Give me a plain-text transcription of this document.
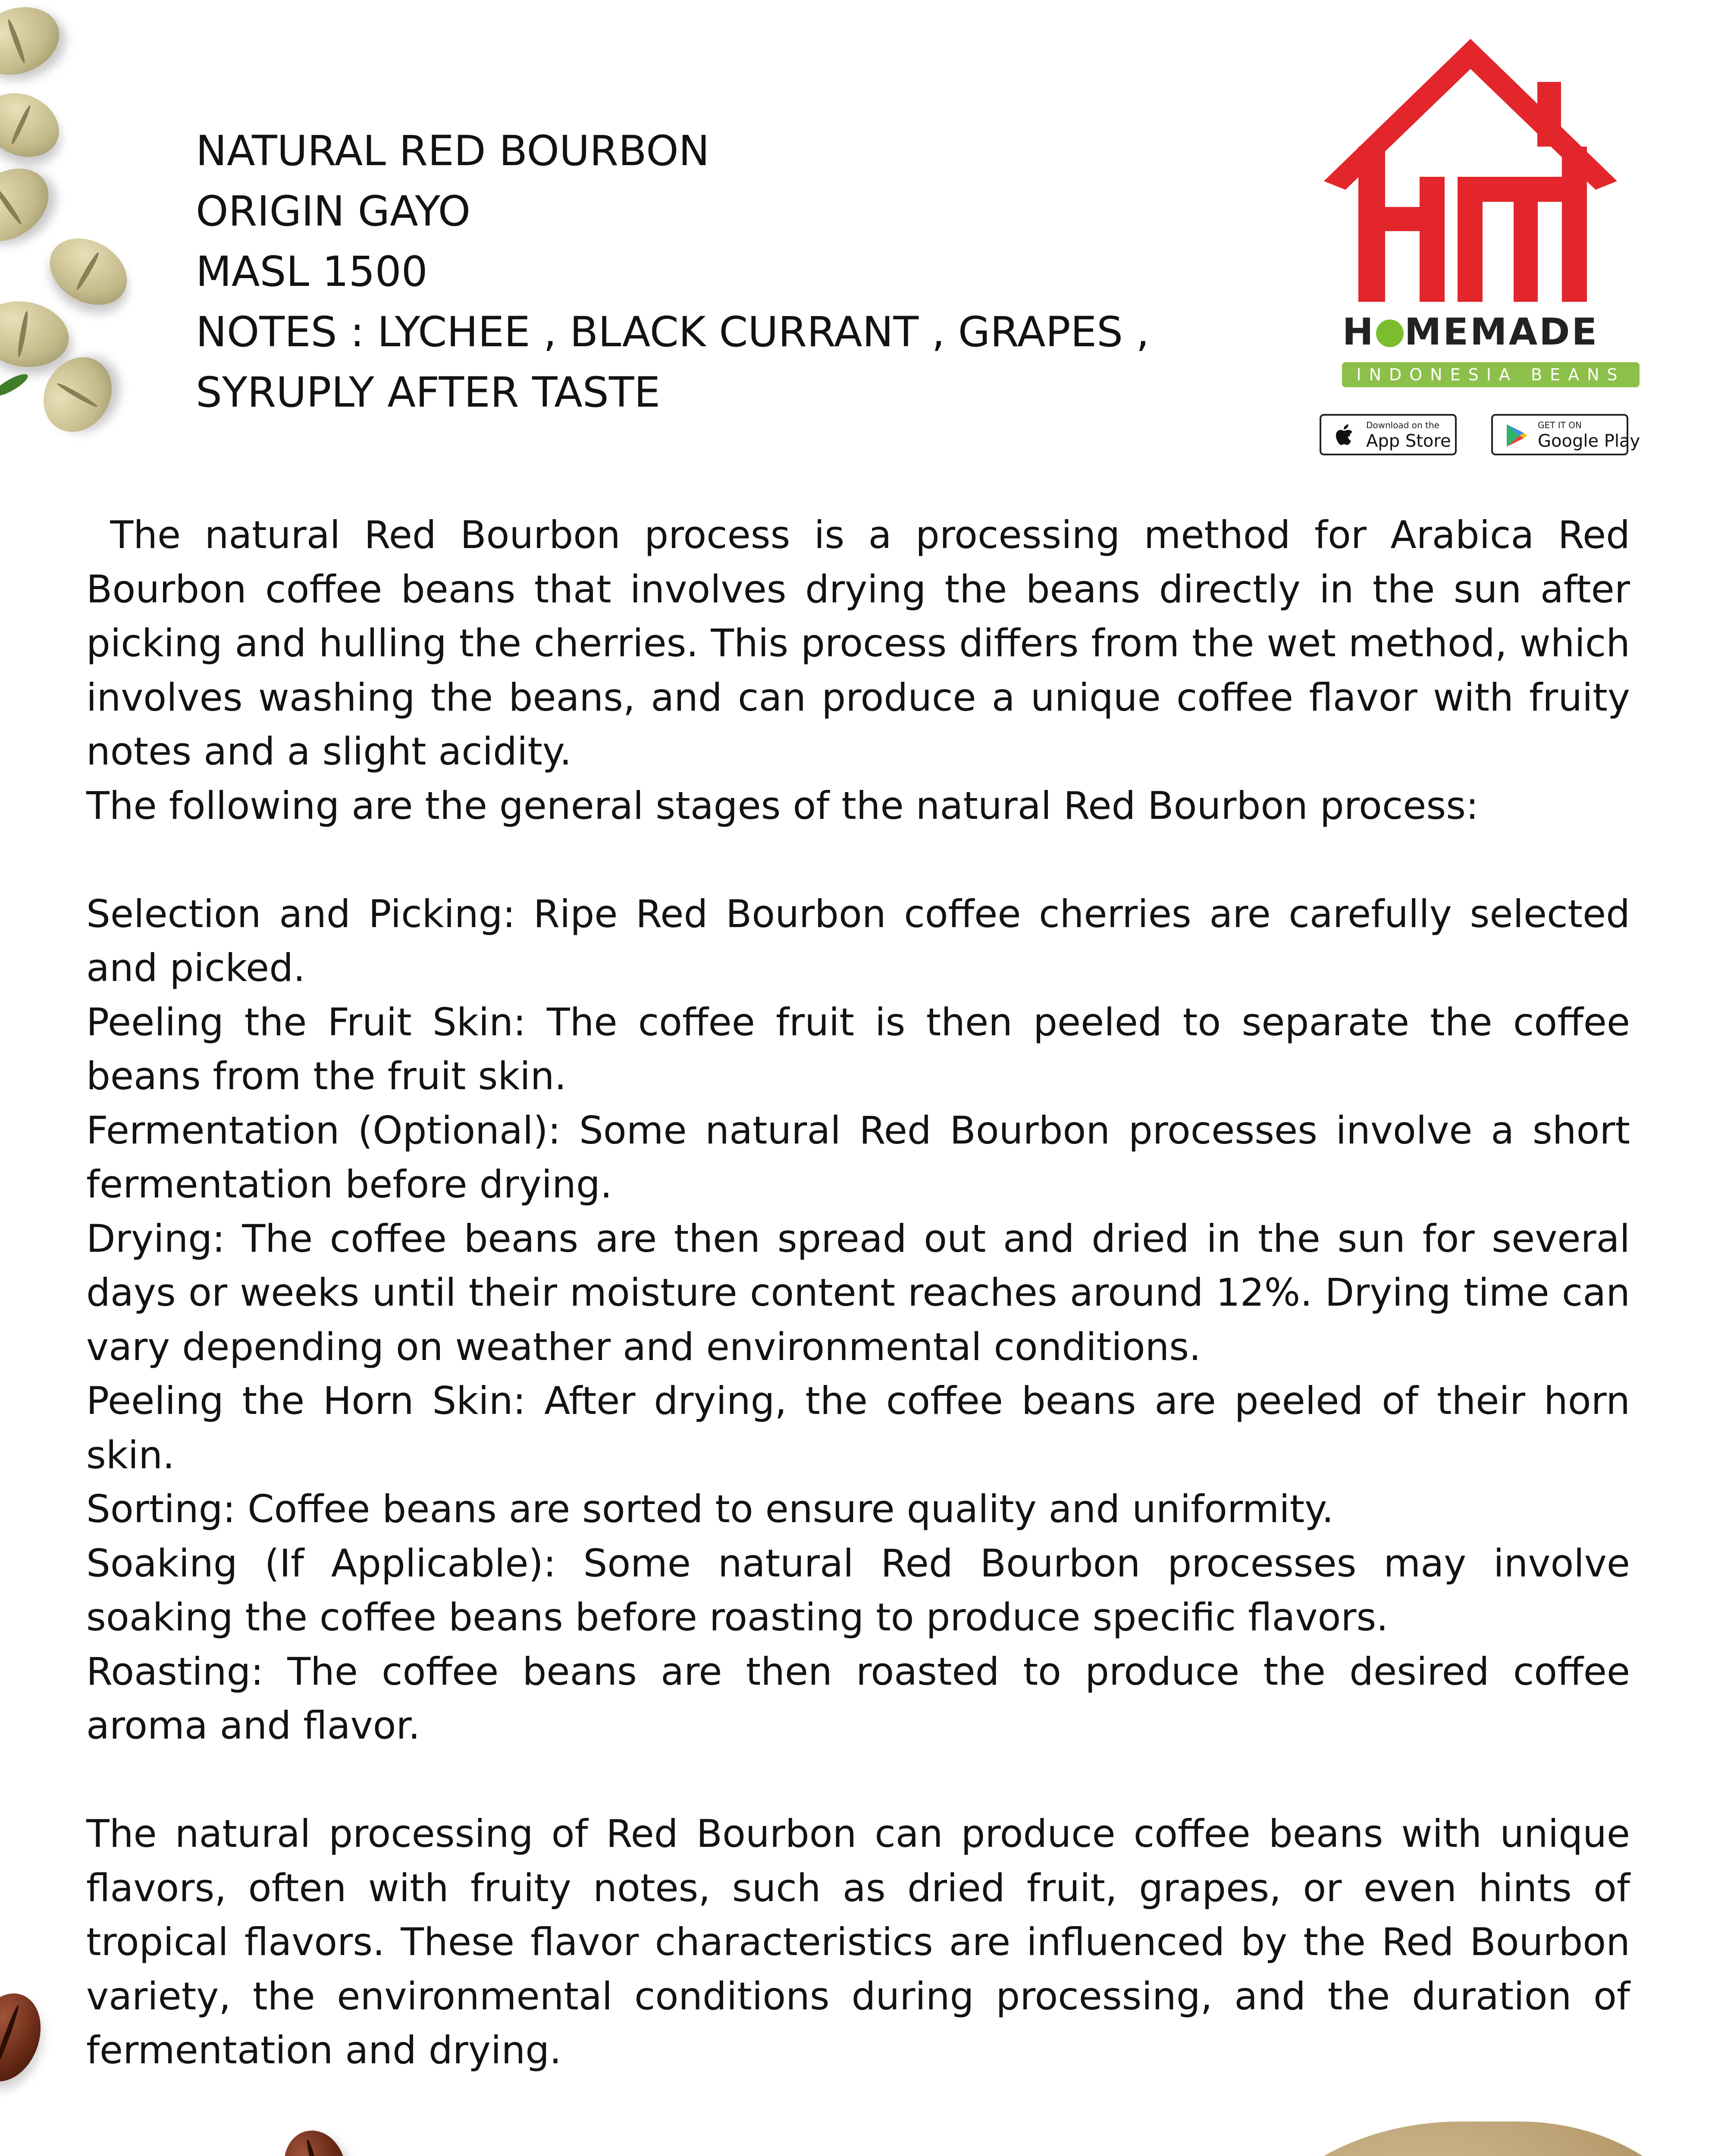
NATURAL RED BOURBON
ORIGIN GAYO
MASL 1500
NOTES : LYCHEE , BLACK CURRANT , GRAPES ,
SYRUPLY AFTER TASTE
H MEMADE
INDONESIA BEANS
Download on the
App Store
GET IT ON
Google Play
The natural Red Bourbon process is a processing method for Arabica Red Bourbon coffee beans that involves drying the beans directly in the sun after picking and hulling the cherries. This process differs from the wet method, which involves washing the beans, and can produce a unique coffee flavor with fruity notes and a slight acidity.
The following are the general stages of the natural Red Bourbon process:
Selection and Picking: Ripe Red Bourbon coffee cherries are carefully selected and picked.
Peeling the Fruit Skin: The coffee fruit is then peeled to separate the coffee beans from the fruit skin.
Fermentation (Optional): Some natural Red Bourbon processes involve a short fermentation before drying.
Drying: The coffee beans are then spread out and dried in the sun for several days or weeks until their moisture content reaches around 12%. Drying time can vary depending on weather and environmental conditions.
Peeling the Horn Skin: After drying, the coffee beans are peeled of their horn skin.
Sorting: Coffee beans are sorted to ensure quality and uniformity.
Soaking (If Applicable): Some natural Red Bourbon processes may involve soaking the coffee beans before roasting to produce specific flavors.
Roasting: The coffee beans are then roasted to produce the desired coffee aroma and flavor.
The natural processing of Red Bourbon can produce coffee beans with unique flavors, often with fruity notes, such as dried fruit, grapes, or even hints of tropical flavors. These flavor characteristics are influenced by the Red Bourbon variety, the environmental conditions during processing, and the duration of fermentation and drying.
